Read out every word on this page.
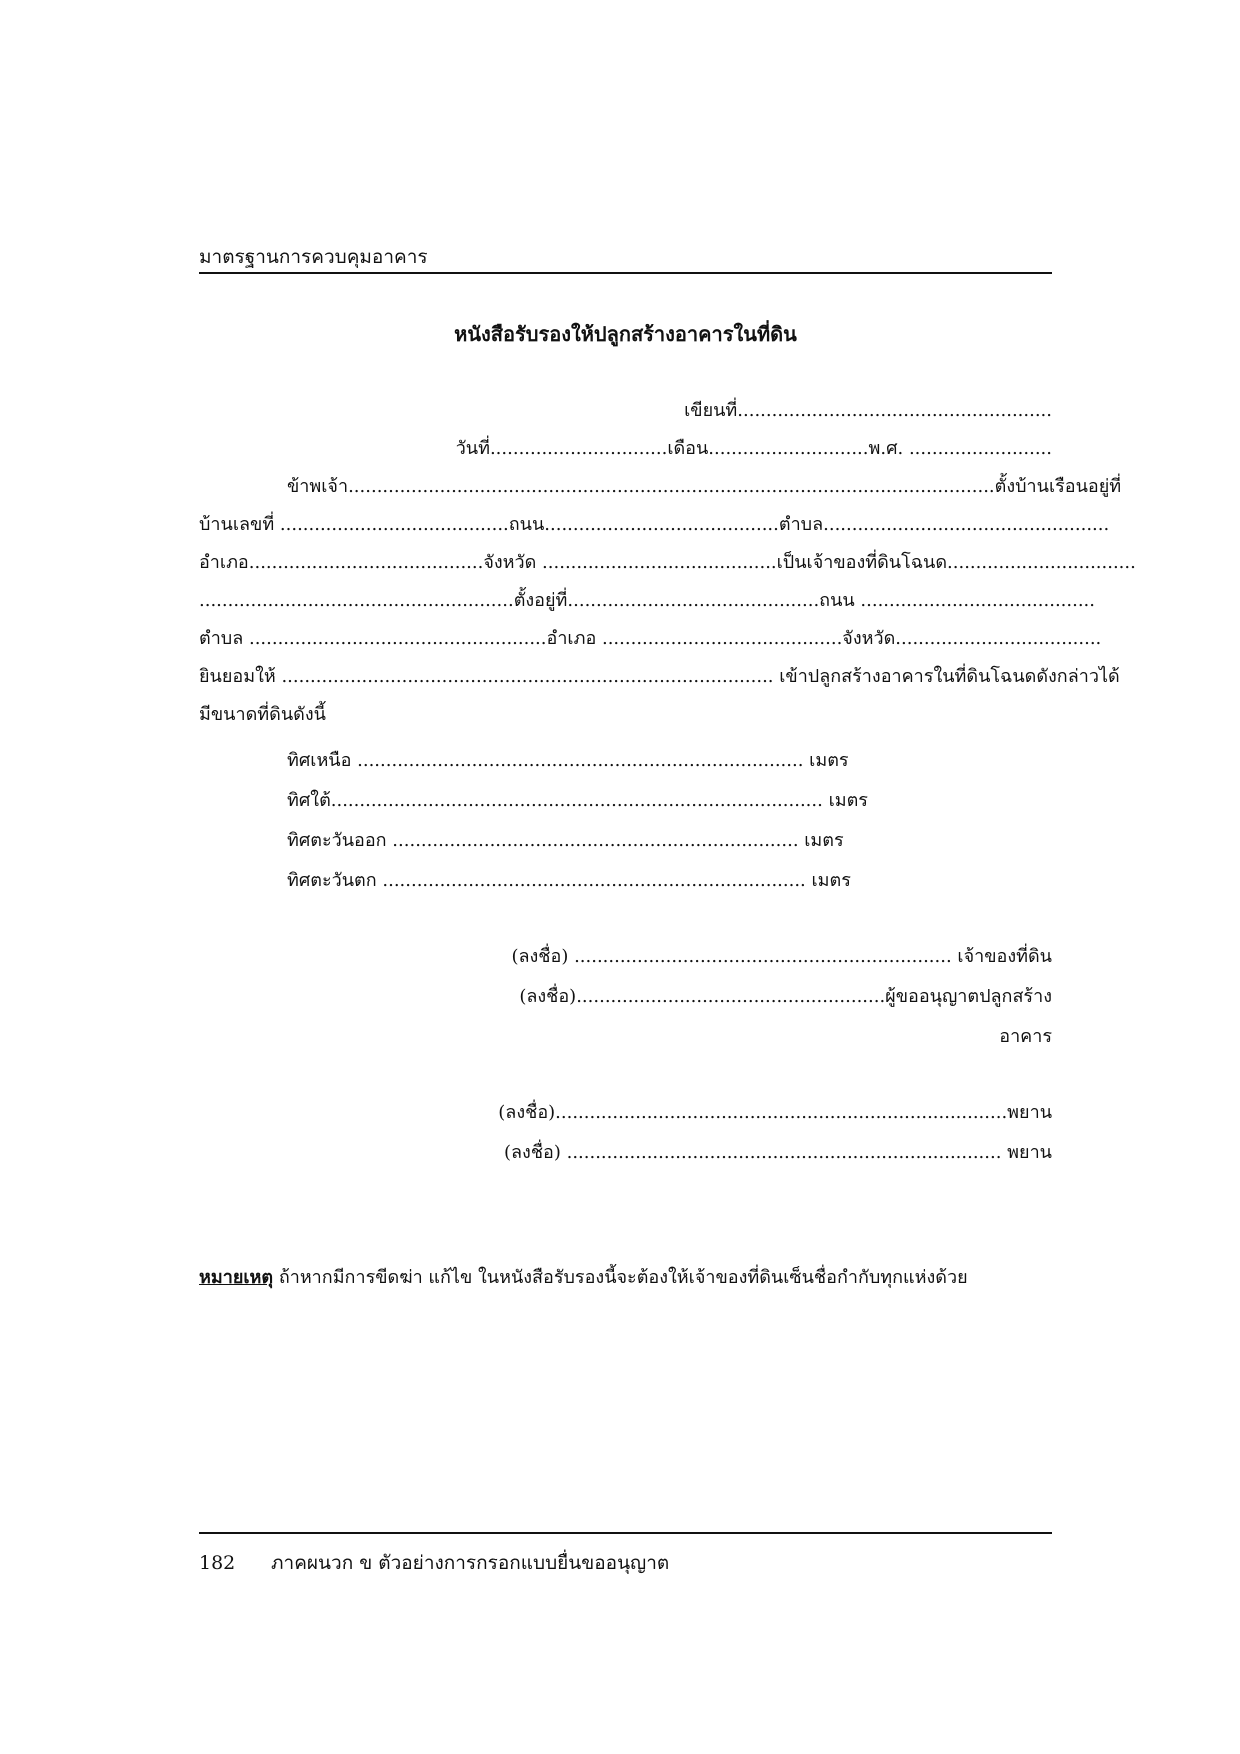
มาตรฐานการควบคุมอาคาร
หนังสือรับรองให้ปลูกสร้างอาคารในที่ดิน
เขียนที่.......................................................
วันที่...............................เดือน............................พ.ศ. .........................
ข้าพเจ้า.................................................................................................................ตั้งบ้านเรือนอยู่ที่
บ้านเลขที่ ........................................ ถนน.........................................ตำบล..................................................
อำเภอ.........................................จังหวัด ......................................... เป็นเจ้าของที่ดินโฉนด.................................
.......................................................ตั้งอยู่ที่ ............................................ ถนน .........................................
ตำบล .................................................... อำเภอ .......................................... จังหวัด....................................
ยินยอมให้ ...................................................................................... เข้าปลูกสร้างอาคารในที่ดินโฉนดดังกล่าวได้
มีขนาดที่ดินดังนี้
ทิศเหนือ .............................................................................. เมตร
ทิศใต้...................................................................................... เมตร
ทิศตะวันออก ....................................................................... เมตร
ทิศตะวันตก .......................................................................... เมตร
(ลงชื่อ) .................................................................. เจ้าของที่ดิน
(ลงชื่อ)......................................................ผู้ขออนุญาตปลูกสร้าง
อาคาร
(ลงชื่อ)...............................................................................พยาน
(ลงชื่อ) ............................................................................ พยาน
หมายเหตุ ถ้าหากมีการขีดฆ่า แก้ไข ในหนังสือรับรองนี้จะต้องให้เจ้าของที่ดินเซ็นชื่อกำกับทุกแห่งด้วย
182 ภาคผนวก ข ตัวอย่างการกรอกแบบยื่นขออนุญาต
